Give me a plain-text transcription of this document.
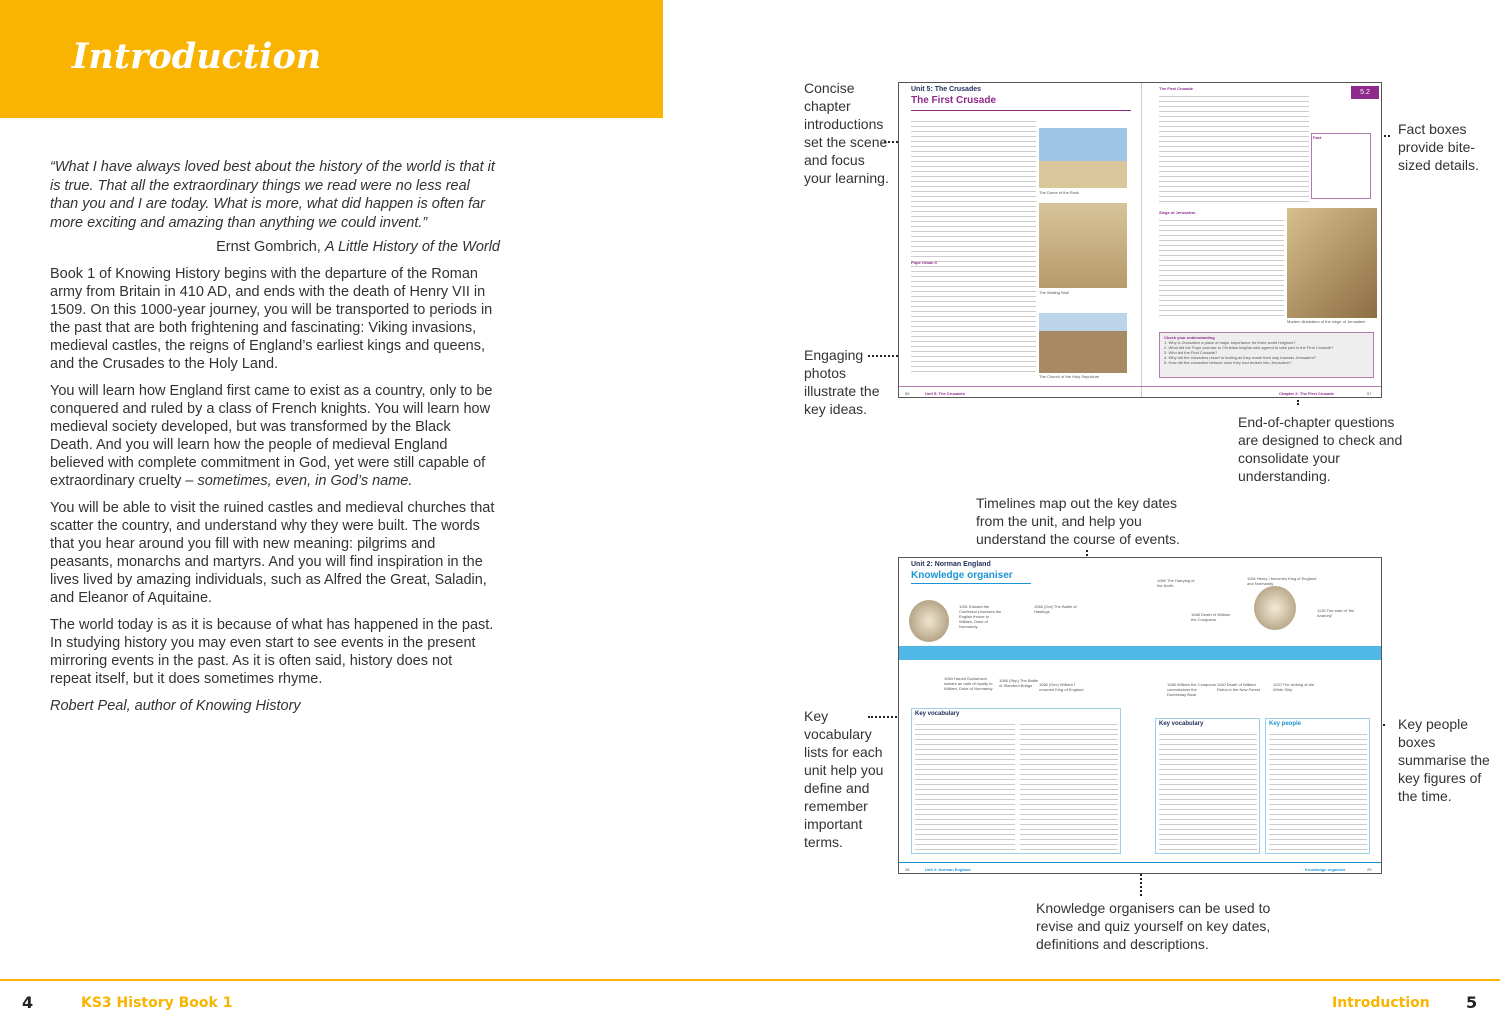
Introduction
“What I have always loved best about the history of the world is that it is true. That all the extraordinary things we read were no less real than you and I are today. What is more, what did happen is often far more exciting and amazing than anything we could invent.”
Ernst Gombrich, A Little History of the World

Book 1 of Knowing History begins with the departure of the Roman army from Britain in 410 AD, and ends with the death of Henry VII in 1509. On this 1000-year journey, you will be transported to periods in the past that are both frightening and fascinating: Viking invasions, medieval castles, the reigns of England’s earliest kings and queens, and the Crusades to the Holy Land.

You will learn how England first came to exist as a country, only to be conquered and ruled by a class of French knights. You will learn how medieval society developed, but was transformed by the Black Death. And you will learn how the people of medieval England believed with complete commitment in God, yet were still capable of extraordinary cruelty – sometimes, even, in God’s name.

You will be able to visit the ruined castles and medieval churches that scatter the country, and understand why they were built. The words that you hear around you fill with new meaning: pilgrims and peasants, monarchs and martyrs. And you will find inspiration in the lives lived by amazing individuals, such as Alfred the Great, Saladin, and Eleanor of Aquitaine.

The world today is as it is because of what has happened in the past. In studying history you may even start to see events in the present mirroring events in the past. As it is often said, history does not repeat itself, but it does sometimes rhyme.

Robert Peal, author of Knowing History

Concise chapter introductions set the scene and focus your learning.
Fact boxes provide bite-sized details.
Engaging photos illustrate the key ideas.
End-of-chapter questions are designed to check and consolidate your understanding.
Timelines map out the key dates from the unit, and help you understand the course of events.
Key vocabulary lists for each unit help you define and remember important terms.
Key people boxes summarise the key figures of the time.
Knowledge organisers can be used to revise and quiz yourself on key dates, definitions and descriptions.
Unit 5: The Crusades
The First Crusade
Pope Urban II
The Dome of the Rock
The Wailing Wall
The Church of the Holy Sepulchre
The First Crusade
5.2
Fact
Siege of Jerusalem
Modern illustration of the siege of Jerusalem
Check your understanding
1. Why is Jerusalem a place of major importance for three world religions?
2. What did the Pope promise to Christian knights who agreed to take part in the First Crusade?
3. Who led the First Crusade?
4. Why did the crusaders resort to looting as they made their way towards Jerusalem?
5. How did the crusaders behave once they had broken into Jerusalem?
56	Unit 5: The Crusades	Chapter 2: The First Crusade	57
Unit 2: Norman England
Knowledge organiser
1051 Edward the Confessor promises the English throne to William, Duke of Normandy
1066 (Oct) The Battle of Hastings
1069 The Harrying of the North
1088 Death of William the Conqueror
1106 Henry I becomes King of England and Normandy
1135 The start of 'the Anarchy'
1064 Harold Godwinson swears an oath of loyalty to William, Duke of Normandy
1066 (Sep) The Battle of Stamford Bridge	1066 (Dec) William I crowned King of England
1086 William the Conqueror commissions the Domesday Book
1100 Death of William Rufus in the New Forest
1120 The sinking of the White Ship
Key vocabulary
Key vocabulary	Key people
28	Unit 2: Norman England	Knowledge organiser	29
4	KS3 History Book 1	Introduction 5
